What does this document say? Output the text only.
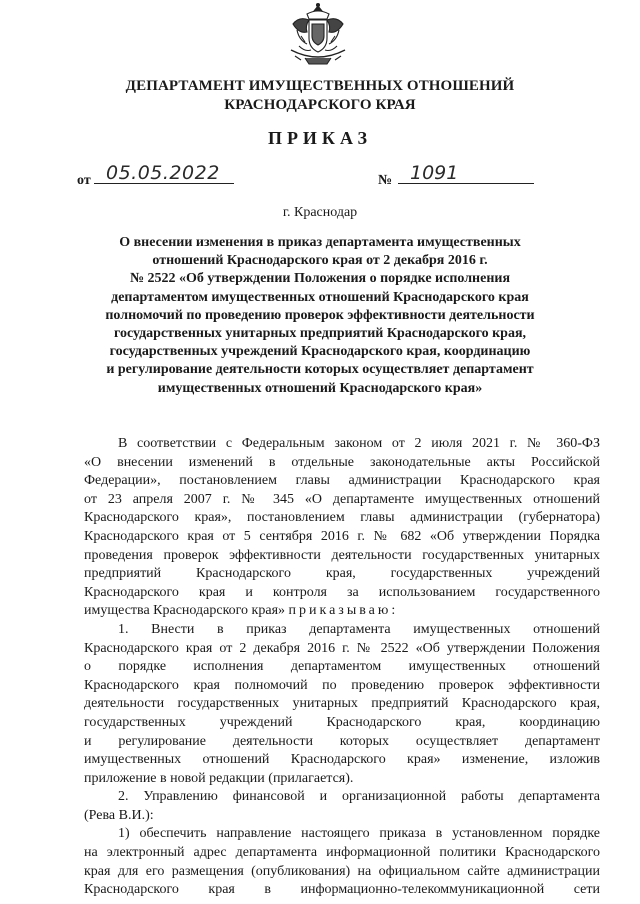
ДЕПАРТАМЕНТ ИМУЩЕСТВЕННЫХ ОТНОШЕНИЙ
КРАСНОДАРСКОГО КРАЯ
ПРИКАЗ
от 05.05.2022	№ 1091
г. Краснодар
О внесении изменения в приказ департамента имущественных
отношений Краснодарского края от 2 декабря 2016 г.
№ 2522 «Об утверждении Положения о порядке исполнения
департаментом имущественных отношений Краснодарского края
полномочий по проведению проверок эффективности деятельности
государственных унитарных предприятий Краснодарского края,
государственных учреждений Краснодарского края, координацию
и регулирование деятельности которых осуществляет департамент
имущественных отношений Краснодарского края»
В соответствии с Федеральным законом от 2 июля 2021 г. № 360-ФЗ
«О внесении изменений в отдельные законодательные акты Российской
Федерации», постановлением главы администрации Краснодарского края
от 23 апреля 2007 г. № 345 «О департаменте имущественных отношений
Краснодарского края», постановлением главы администрации (губернатора)
Краснодарского края от 5 сентября 2016 г. № 682 «Об утверждении Порядка
проведения проверок эффективности деятельности государственных унитарных
предприятий Краснодарского края, государственных учреждений
Краснодарского края и контроля за использованием государственного
имущества Краснодарского края» приказываю:
1. Внести в приказ департамента имущественных отношений
Краснодарского края от 2 декабря 2016 г. № 2522 «Об утверждении Положения
о порядке исполнения департаментом имущественных отношений
Краснодарского края полномочий по проведению проверок эффективности
деятельности государственных унитарных предприятий Краснодарского края,
государственных учреждений Краснодарского края, координацию
и регулирование деятельности которых осуществляет департамент
имущественных отношений Краснодарского края» изменение, изложив
приложение в новой редакции (прилагается).
2. Управлению финансовой и организационной работы департамента
(Рева В.И.):
1) обеспечить направление настоящего приказа в установленном порядке
на электронный адрес департамента информационной политики Краснодарского
края для его размещения (опубликования) на официальном сайте администрации
Краснодарского края в информационно-телекоммуникационной сети
